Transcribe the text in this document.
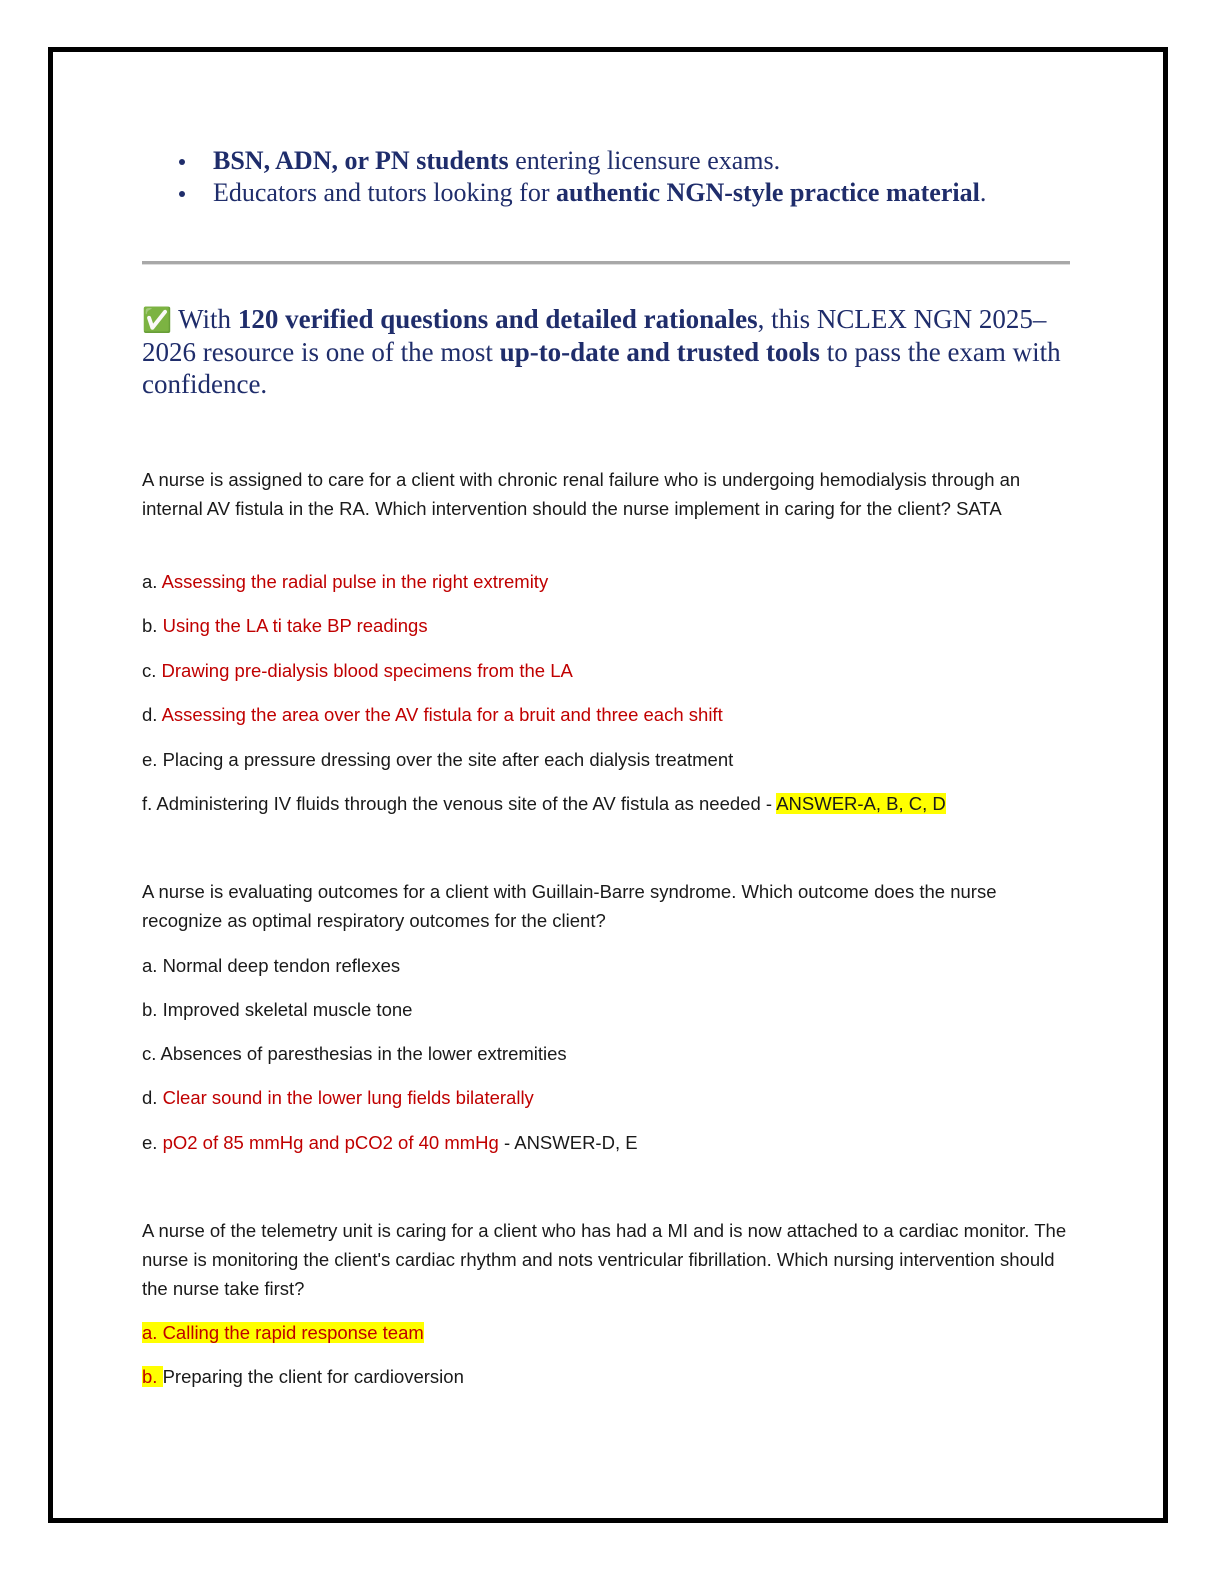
BSN, ADN, or PN students entering licensure exams.
Educators and tutors looking for authentic NGN-style practice material.

✅ With 120 verified questions and detailed rationales, this NCLEX NGN 2025–2026 resource is one of the most up-to-date and trusted tools to pass the exam with confidence.

A nurse is assigned to care for a client with chronic renal failure who is undergoing hemodialysis through an internal AV fistula in the RA. Which intervention should the nurse implement in caring for the client? SATA

a. Assessing the radial pulse in the right extremity

b. Using the LA ti take BP readings

c. Drawing pre-dialysis blood specimens from the LA

d. Assessing the area over the AV fistula for a bruit and three each shift

e. Placing a pressure dressing over the site after each dialysis treatment

f. Administering IV fluids through the venous site of the AV fistula as needed - ANSWER-A, B, C, D

A nurse is evaluating outcomes for a client with Guillain-Barre syndrome. Which outcome does the nurse recognize as optimal respiratory outcomes for the client?

a. Normal deep tendon reflexes

b. Improved skeletal muscle tone

c. Absences of paresthesias in the lower extremities

d. Clear sound in the lower lung fields bilaterally

e. pO2 of 85 mmHg and pCO2 of 40 mmHg - ANSWER-D, E

A nurse of the telemetry unit is caring for a client who has had a MI and is now attached to a cardiac monitor. The nurse is monitoring the client's cardiac rhythm and nots ventricular fibrillation. Which nursing intervention should the nurse take first?

a. Calling the rapid response team

b. Preparing the client for cardioversion
